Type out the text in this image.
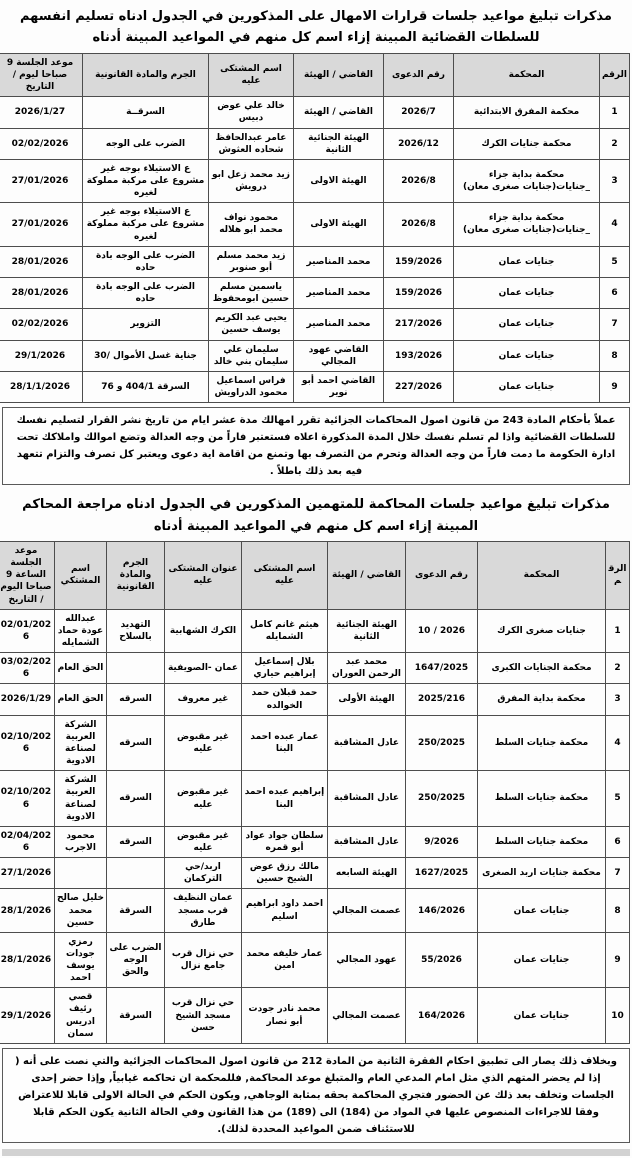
مذكرات تبليغ مواعيد جلسات قرارات الامهال على المذكورين في الجدول ادناه تسليم انفسهم للسلطات القضائية المبينة إزاء اسم كل منهم في المواعيد المبينة أدناه
الرقم	المحكمة	رقم الدعوى	القاضي / الهيئة	اسم المشتكى عليه	الجرم والمادة القانونية	موعد الجلسة 9 صباحا ليوم / التاريخ
1	محكمة المفرق الابتدائية	2026/7	القاضي / الهيئة	خالد علي عوض دبيس	السرقــة	2026/1/27
2	محكمة جنايات الكرك	2026/12	الهيئة الجنائية الثانية	عامر عبدالحافظ شحاده العثوش	الضرب على الوجه	02/02/2026
3	محكمة بداية جزاء _جنايات(جنايات صغرى معان)	2026/8	الهيئة الاولى	زيد محمد زعل ابو درويش	ع الاستيلاء بوجه غير مشروع على مركبة مملوكة لغيره	27/01/2026
4	محكمة بداية جزاء _جنايات(جنايات صغرى معان)	2026/8	الهيئة الاولى	محمود نواف محمد ابو هلاله	ع الاستيلاء بوجه غير مشروع على مركبة مملوكة لغيره	27/01/2026
5	جنايات عمان	159/2026	محمد المناصير	زيد محمد مسلم أبو صنوبر	الضرب على الوجه بادة حاده	28/01/2026
6	جنايات عمان	159/2026	محمد المناصير	ياسمين مسلم حسين ابومحفوظ	الضرب على الوجه بادة حاده	28/01/2026
7	جنايات عمان	217/2026	محمد المناصير	يحيى عبد الكريم يوسف حسين	التزوير	02/02/2026
8	جنايات عمان	193/2026	القاضي عهود المجالي	سليمان علي سليمان بني خالد	جناية غسل الأموال /30	29/1/2026
9	جنايات عمان	227/2026	القاضي احمد أبو نوير	فراس اسماعيل محمود الدراويش	السرقة 404/1 و 76	28/1/1/2026
عملاً بأحكام المادة 243 من قانون اصول المحاكمات الجزائية تقرر امهالك مدة عشر ايام من تاريخ نشر القرار لتسليم نفسك للسلطات القضائية واذا لم تسلم نفسك خلال المدة المذكورة اعلاه فستعتبر فاراً من وجه العدالة وتضع اموالك واملاكك تحت ادارة الحكومة ما دمت فاراً من وجه العدالة وتحرم من التصرف بها وتمنع من اقامة اية دعوى ويعتبر كل تصرف والتزام تتعهد فيه بعد ذلك باطلاً .
مذكرات تبليغ مواعيد جلسات المحاكمة للمتهمين المذكورين في الجدول ادناه مراجعة المحاكم المبينة إزاء اسم كل منهم في المواعيد المبينة أدناه
الرقم	المحكمة	رقم الدعوى	القاضي / الهيئة	اسم المشتكى عليه	عنوان المشتكى عليه	الجرم والمادة القانونية	اسم المشتكي	موعد الجلسة الساعة 9 صباحا اليوم / التاريخ
1	جنايات صغرى الكرك	10 / 2026	الهيئة الجنائية الثانية	هيثم غانم كامل الشمايله	الكرك الشهابية	التهديد بالسلاح	عبدالله عودة حماد الشمايله	02/01/2026
2	محكمة الجنايات الكبرى	1647/2025	محمد عبد الرحمن العوران	بلال إسماعيل إبراهيم حياري	عمان -الصويفية		الحق العام	03/02/2026
3	محكمة بداية المفرق	2025/216	الهيئة الأولى	حمد قبلان حمد الخوالده	غير معروف	السرقه	الحق العام	2026/1/29
4	محكمة جنايات السلط	250/2025	عادل المشاقبة	عمار عبده احمد البنا	غير مقبوض عليه	السرقه	الشركة العربية لصناعة الادوية	02/10/2026
5	محكمة جنايات السلط	250/2025	عادل المشاقبة	إبراهيم عبده احمد البنا	غير مقبوض عليه	السرقه	الشركة العربية لصناعة الادوية	02/10/2026
6	محكمة جنايات السلط	9/2026	عادل المشاقبة	سلطان جواد عواد أبو قمره	غير مقبوض عليه	السرقه	محمود الاجرب	02/04/2026
7	محكمة جنايات اربد الصغرى	1627/2025	الهيئة السابعه	مالك رزق عوض الشيخ حسين	اربد/حي التركمان			27/1/2026
8	جنايات عمان	146/2026	عصمت المجالي	احمد داود ابراهيم اسليم	عمان النظيف قرب مسجد طارق	السرقة	خليل صالح محمد حسين	28/1/2026
9	جنايات عمان	55/2026	عهود المجالي	عمار خليفه محمد امين	حي نزال قرب جامع نزال	الضرب على الوجه والحق	رمزي جودات يوسف احمد	28/1/2026
10	جنايات عمان	164/2026	عصمت المجالي	محمد نادر جودت أبو نصار	حي نزال قرب مسجد الشيخ حسن	السرقة	قصي رئيف ادريس سمان	29/1/2026
وبخلاف ذلك يصار الى تطبيق احكام الفقرة الثانية من المادة 212 من قانون اصول المحاكمات الجزائية والتي نصت على أنه ( إذا لم يحضر المتهم الذي مثل امام المدعي العام والمتبلغ موعد المحاكمة, فللمحكمة ان تحاكمه غيابياً, وإذا حضر إحدى الجلسات وتخلف بعد ذلك عن الحضور فتجري المحاكمة بحقه بمثابة الوجاهي, ويكون الحكم في الحالة الاولى قابلا للاعتراض وفقا للاجراءات المنصوص عليها في المواد من (184) الى (189) من هذا القانون وفي الحالة الثانية يكون الحكم قابلا للاستئناف ضمن المواعيد المحددة لذلك).
